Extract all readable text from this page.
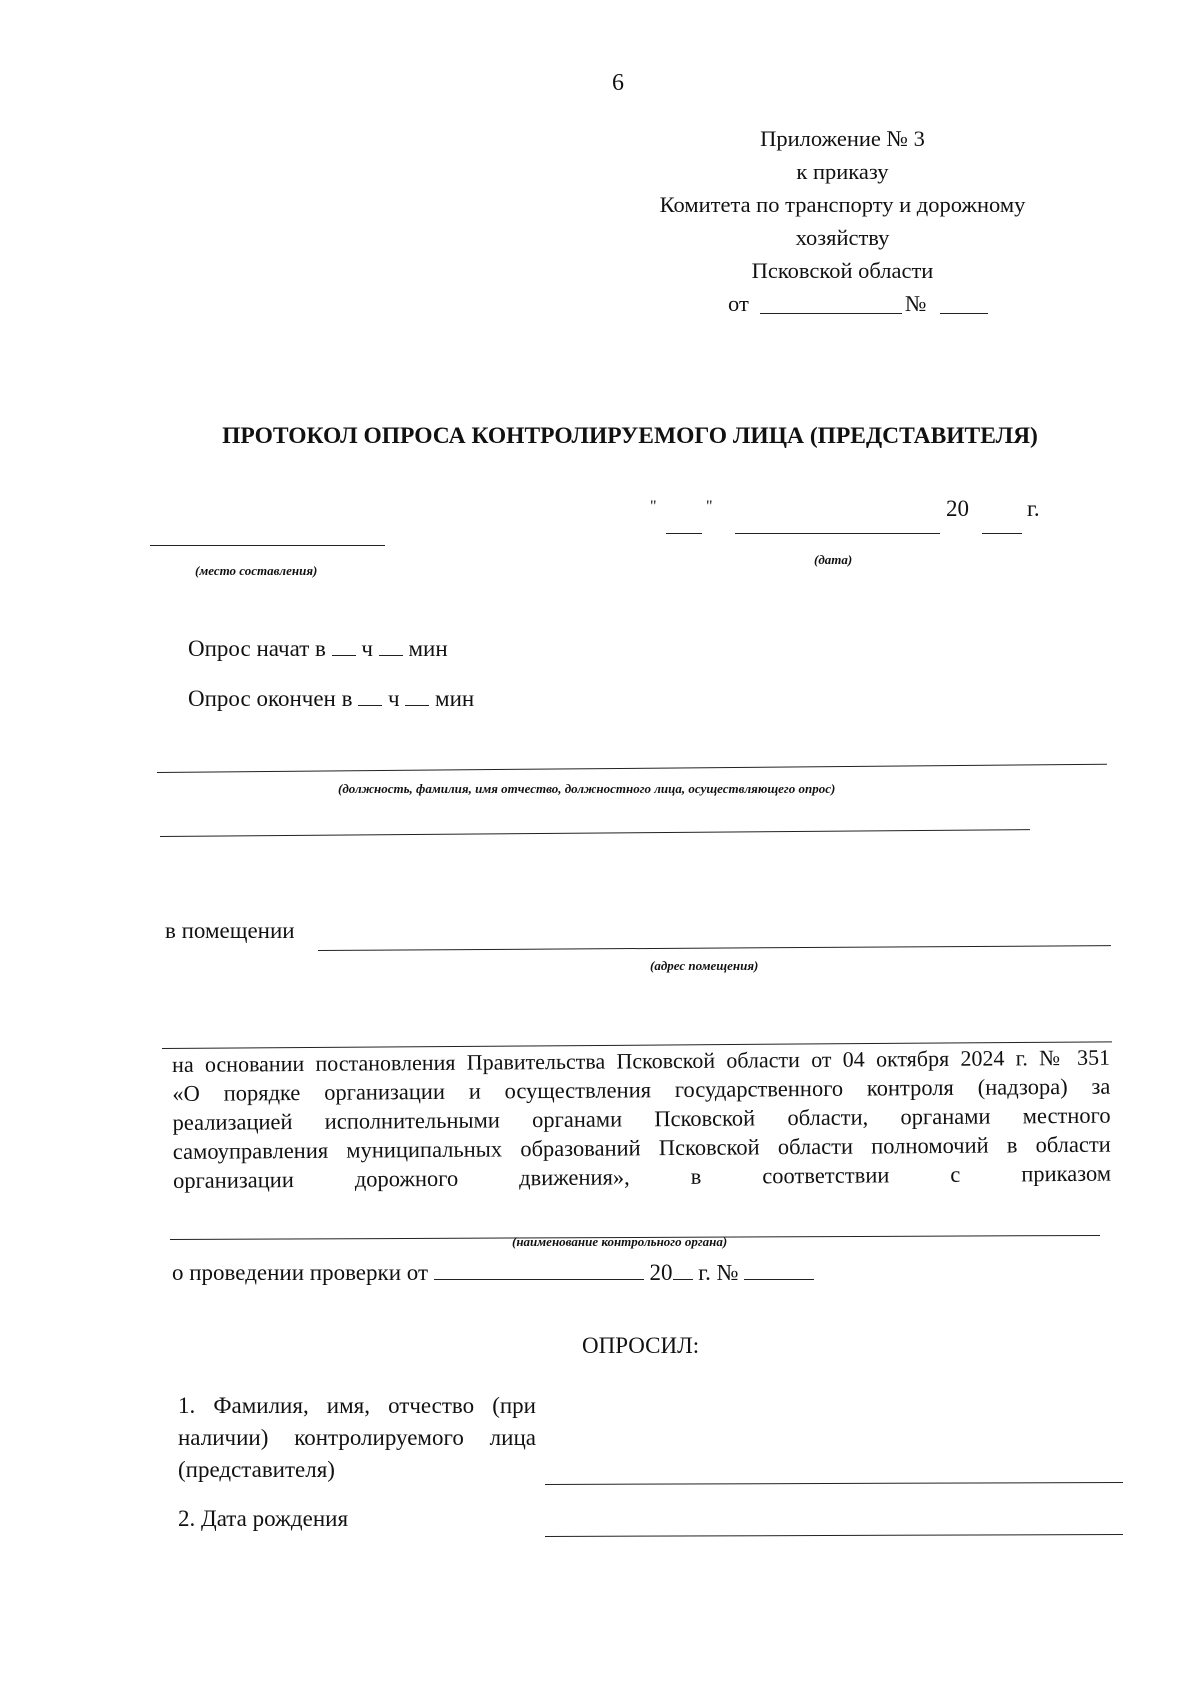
6
Приложение № 3
к приказу
Комитета по транспорту и дорожному
хозяйству
Псковской области
от	№
ПРОТОКОЛ ОПРОСА КОНТРОЛИРУЕМОГО ЛИЦА (ПРЕДСТАВИТЕЛЯ)
"	"	20	г.
(место составления)
(дата)
Опрос начат в ч мин
Опрос окончен в ч мин
(должность, фамилия, имя отчество, должностного лица, осуществляющего опрос)
в помещении
(адрес помещения)
на основании постановления Правительства Псковской области от 04 октября 2024 г. № 351
«О порядке организации и осуществления государственного контроля (надзора) за
реализацией исполнительными органами Псковской области, органами местного
самоуправления муниципальных образований Псковской области полномочий в области
организации дорожного движения», в соответствии с приказом
(наименование контрольного органа)
о проведении проверки от	20 г. №
ОПРОСИЛ:
1. Фамилия, имя, отчество (при
наличии) контролируемого лица
(представителя)
2. Дата рождения
